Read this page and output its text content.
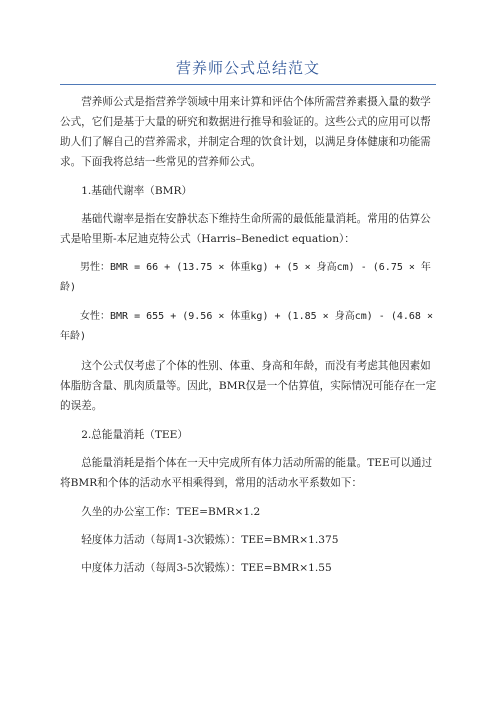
营养师公式总结范文

营养师公式是指营养学领域中用来计算和评估个体所需营养素摄入量的数学公式，它们是基于大量的研究和数据进行推导和验证的。这些公式的应用可以帮助人们了解自己的营养需求，并制定合理的饮食计划，以满足身体健康和功能需求。下面我将总结一些常见的营养师公式。

1.基础代谢率（BMR）

基础代谢率是指在安静状态下维持生命所需的最低能量消耗。常用的估算公式是哈里斯-本尼迪克特公式（Harris–Benedict equation）：

男性：BMR = 66 + (13.75 × 体重kg) + (5 × 身高cm) - (6.75 × 年龄)

女性：BMR = 655 + (9.56 × 体重kg) + (1.85 × 身高cm) - (4.68 × 年龄)

这个公式仅考虑了个体的性别、体重、身高和年龄，而没有考虑其他因素如体脂肪含量、肌肉质量等。因此，BMR仅是一个估算值，实际情况可能存在一定的误差。

2.总能量消耗（TEE）

总能量消耗是指个体在一天中完成所有体力活动所需的能量。TEE可以通过将BMR和个体的活动水平相乘得到，常用的活动水平系数如下：

久坐的办公室工作：TEE=BMR×1.2

轻度体力活动（每周1-3次锻炼）：TEE=BMR×1.375

中度体力活动（每周3-5次锻炼）：TEE=BMR×1.55
